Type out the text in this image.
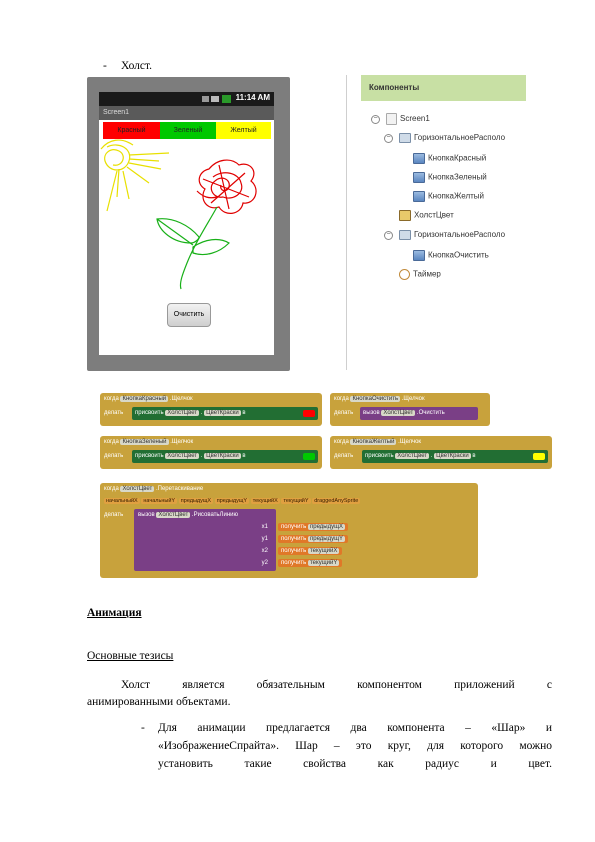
- Холст.
11:14 AM
Screen1
Красный	Зеленый	Желтый
Очистить
Компоненты
−	Screen1
−	ГоризонтальноеРасполо
КнопкаКрасный
КнопкаЗеленый
КнопкаЖелтый
ХолстЦвет
−	ГоризонтальноеРасполо
КнопкаОчистить
Таймер
когда КнопкаКрасный .Щелчок
делать	присвоить ХолстЦвет . ЦветКраски в
когда КнопкаОчистить .Щелчок
делать	вызов ХолстЦвет .Очистить
когда КнопкаЗеленый .Щелчок
делать	присвоить ХолстЦвет . ЦветКраски в
когда КнопкаЖелтый .Щелчок
делать	присвоить ХолстЦвет . ЦветКраски в
когда ХолстЦвет .Перетаскивание
начальныйX начальныйY предыдущX предыдущY текущийX текущийY draggedAnySprite
делать вызов ХолстЦвет .РисоватьЛинию
x1
y1
x2
y2
получить предыдущX
получить предыдущY
получить текущийX
получить текущийY
Анимация
Основные тезисы
Холст является обязательным компонентом приложений с
анимированными объектами.
- Для анимации предлагается два компонента – «Шар» и
«ИзображениеСпрайта». Шар – это круг, для которого можно
установить такие свойства как радиус и цвет.
